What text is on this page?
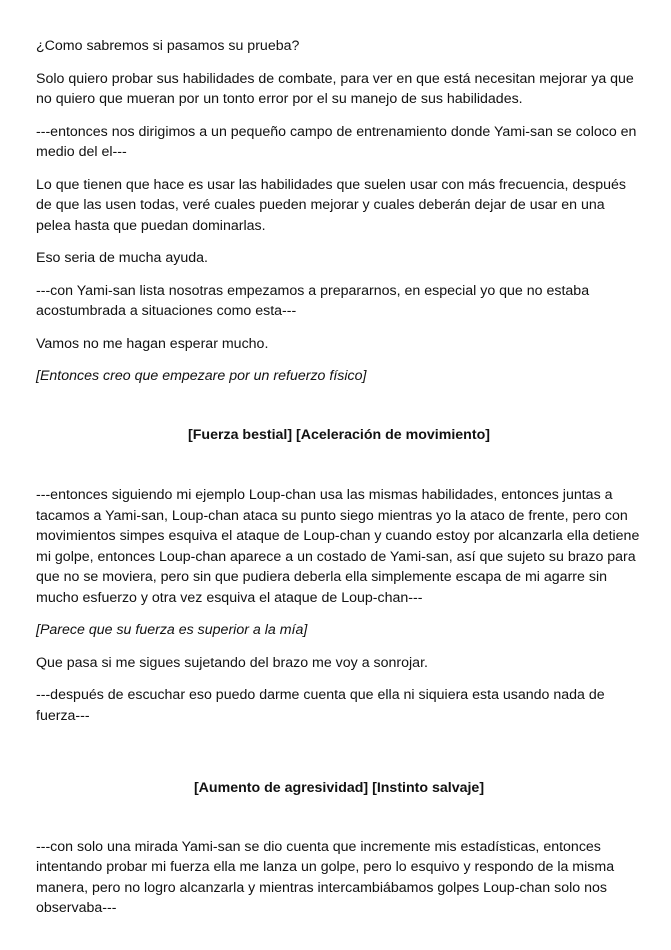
¿Como sabremos si pasamos su prueba?

Solo quiero probar sus habilidades de combate, para ver en que está necesitan mejorar ya que no quiero que mueran por un tonto error por el su manejo de sus habilidades.

---entonces nos dirigimos a un pequeño campo de entrenamiento donde Yami-san se coloco en medio del el---

Lo que tienen que hace es usar las habilidades que suelen usar con más frecuencia, después de que las usen todas, veré cuales pueden mejorar y cuales deberán dejar de usar en una pelea hasta que puedan dominarlas.

Eso seria de mucha ayuda.

---con Yami-san lista nosotras empezamos a prepararnos, en especial yo que no estaba acostumbrada a situaciones como esta---

Vamos no me hagan esperar mucho.

[Entonces creo que empezare por un refuerzo físico]

[Fuerza bestial] [Aceleración de movimiento]

---entonces siguiendo mi ejemplo Loup-chan usa las mismas habilidades, entonces juntas a tacamos a Yami-san, Loup-chan ataca su punto siego mientras yo la ataco de frente, pero con movimientos simpes esquiva el ataque de Loup-chan y cuando estoy por alcanzarla ella detiene mi golpe, entonces Loup-chan aparece a un costado de Yami-san, así que sujeto su brazo para que no se moviera, pero sin que pudiera deberla ella simplemente escapa de mi agarre sin mucho esfuerzo y otra vez esquiva el ataque de Loup-chan---

[Parece que su fuerza es superior a la mía]

Que pasa si me sigues sujetando del brazo me voy a sonrojar.

---después de escuchar eso puedo darme cuenta que ella ni siquiera esta usando nada de fuerza---

[Aumento de agresividad] [Instinto salvaje]

---con solo una mirada Yami-san se dio cuenta que incremente mis estadísticas, entonces intentando probar mi fuerza ella me lanza un golpe, pero lo esquivo y respondo de la misma manera, pero no logro alcanzarla y mientras intercambiábamos golpes Loup-chan solo nos observaba---
